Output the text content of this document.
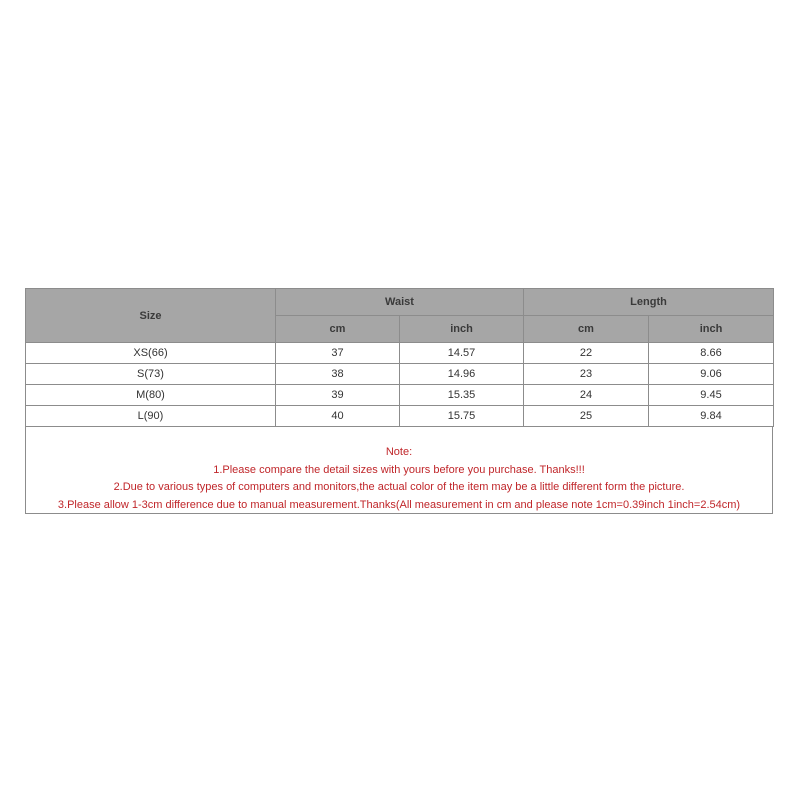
Size	Waist		Length	
	cm	inch	cm	inch
XS(66)	37	14.57	22	8.66
S(73)	38	14.96	23	9.06
M(80)	39	15.35	24	9.45
L(90)	40	15.75	25	9.84
Note:
1.Please compare the detail sizes with yours before you purchase. Thanks!!!
2.Due to various types of computers and monitors,the actual color of the item may be a little different form the picture.
3.Please allow 1-3cm difference due to manual measurement.Thanks(All measurement in cm and please note 1cm=0.39inch 1inch=2.54cm)
